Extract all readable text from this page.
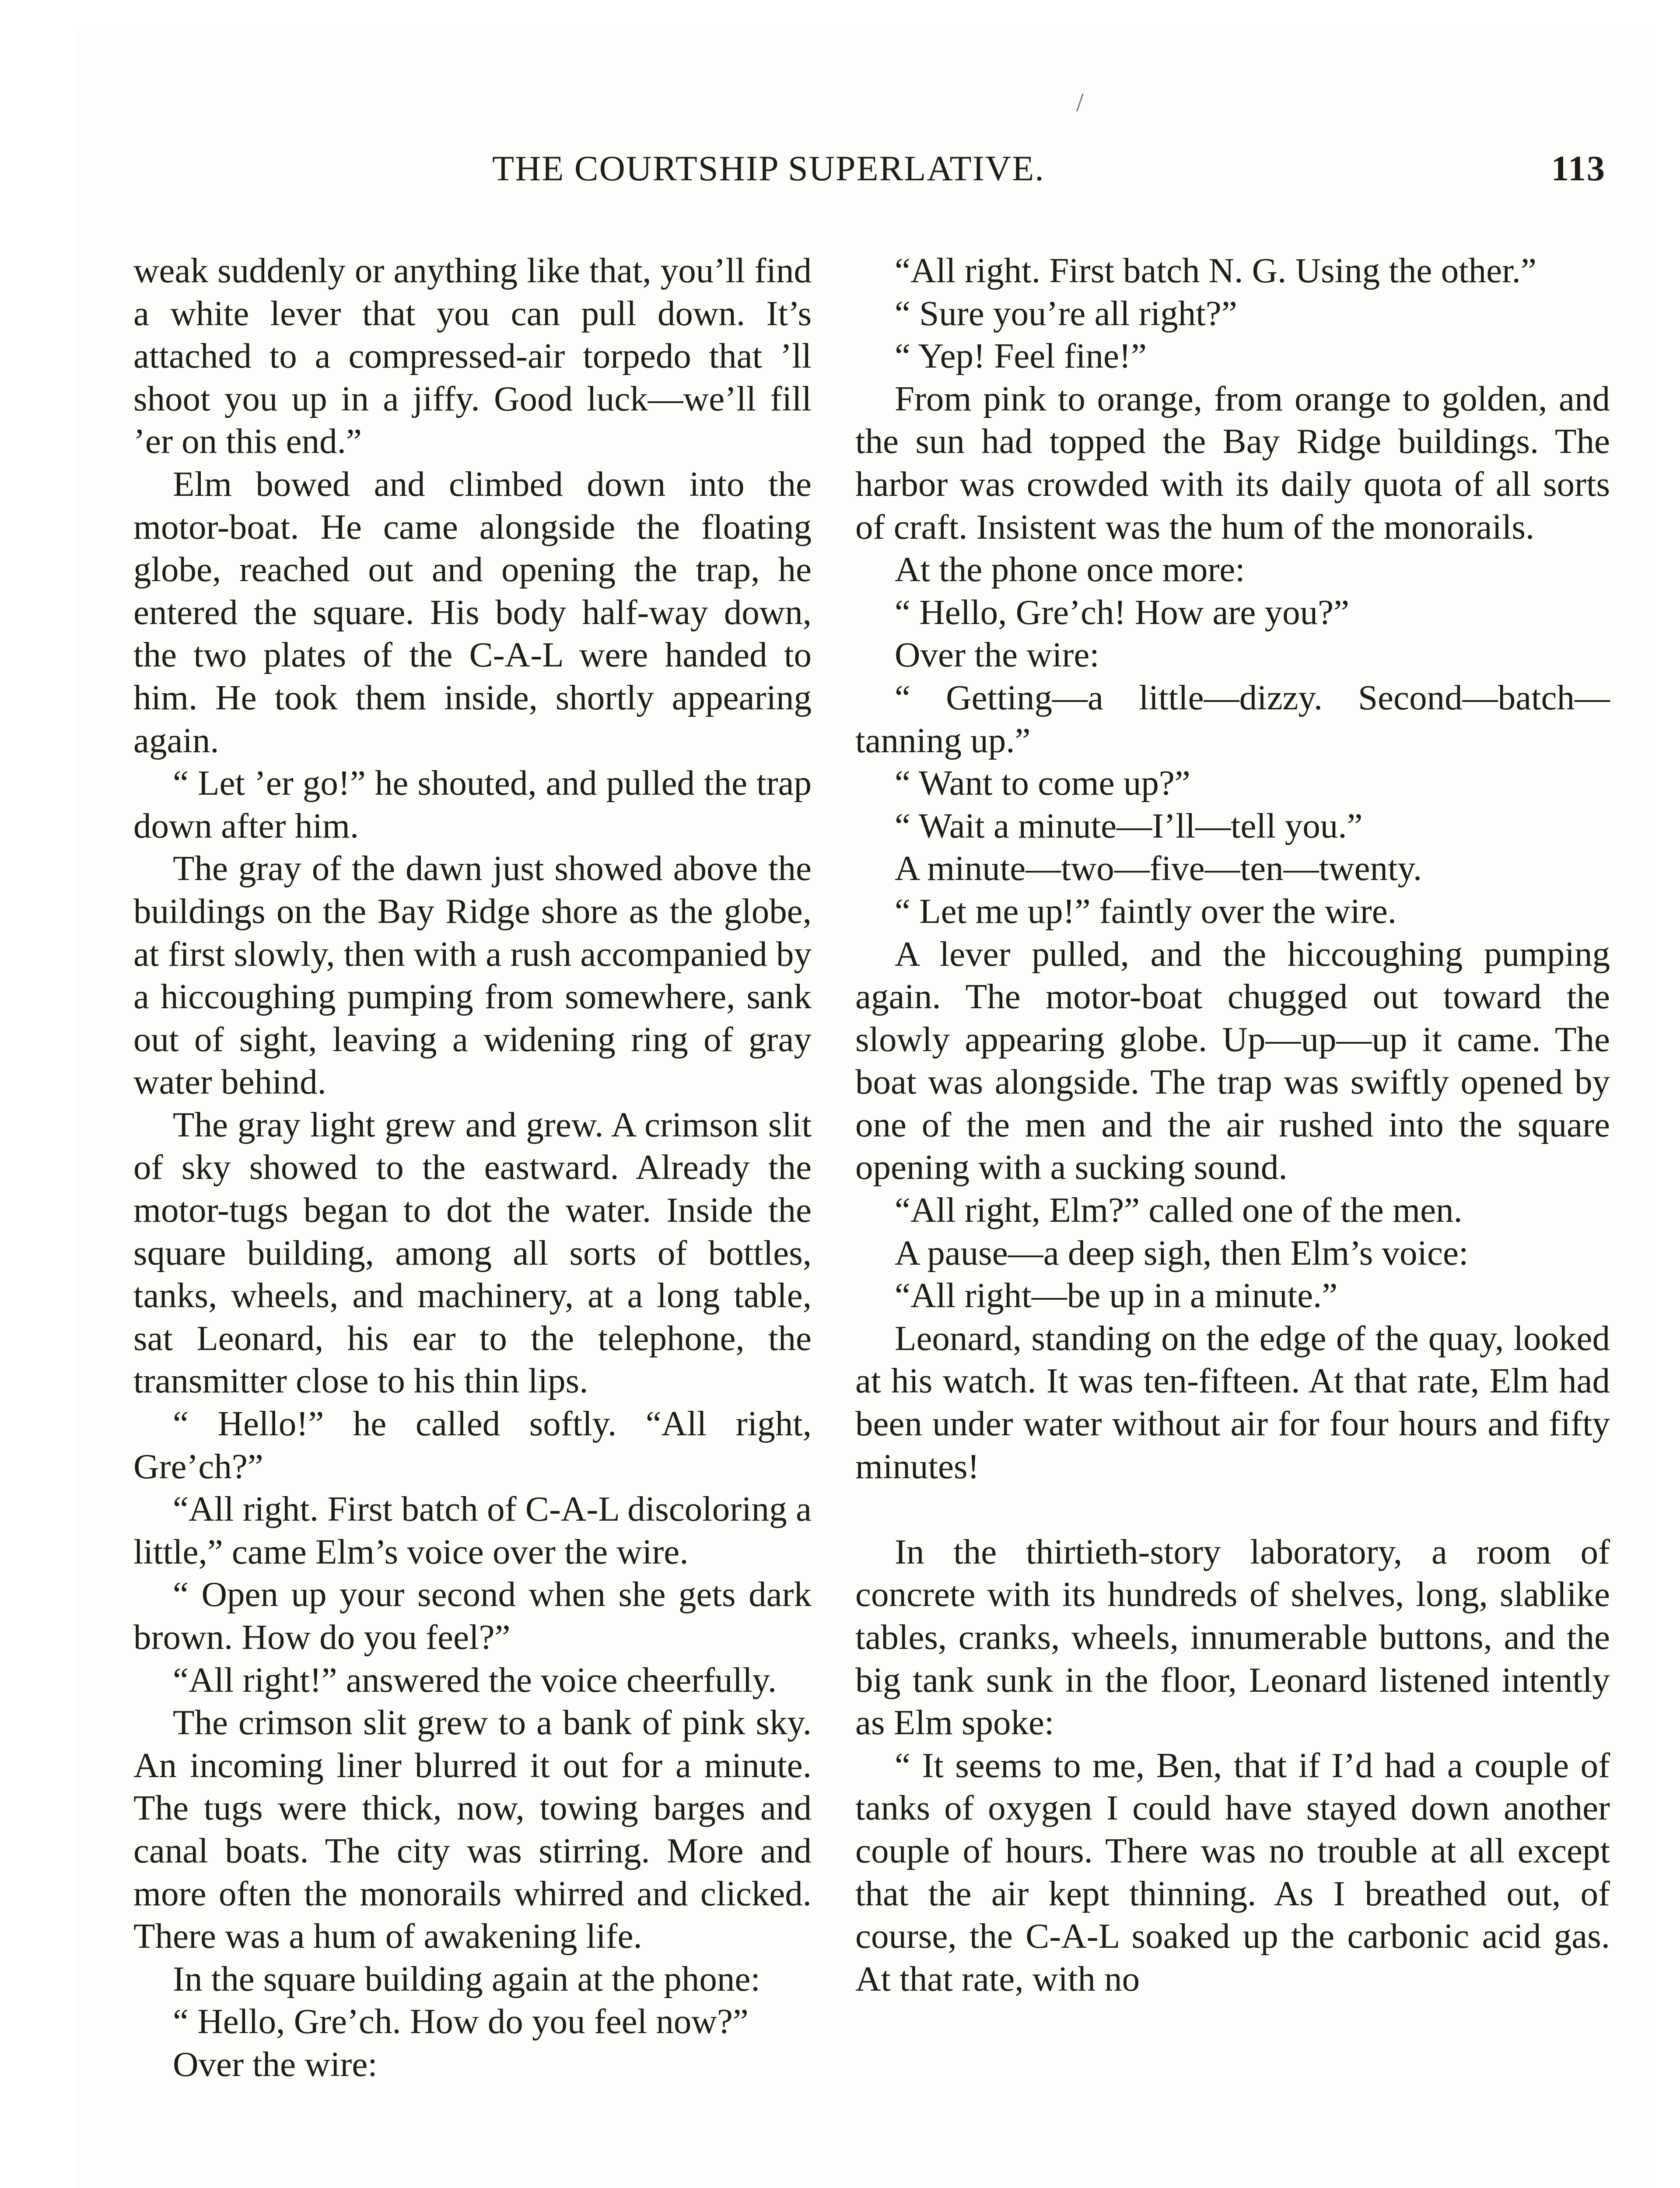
/
THE COURTSHIP SUPERLATIVE.	113

weak suddenly or anything like that, you’ll find a white lever that you can pull down. It’s attached to a compressed-air torpedo that ’ll shoot you up in a jiffy. Good luck—we’ll fill ’er on this end.”

Elm bowed and climbed down into the motor-boat. He came alongside the floating globe, reached out and opening the trap, he entered the square. His body half-way down, the two plates of the C-A-L were handed to him. He took them inside, shortly appearing again.

“ Let ’er go!” he shouted, and pulled the trap down after him.

The gray of the dawn just showed above the buildings on the Bay Ridge shore as the globe, at first slowly, then with a rush accompanied by a hiccoughing pumping from somewhere, sank out of sight, leaving a widening ring of gray water behind.

The gray light grew and grew. A crimson slit of sky showed to the eastward. Already the motor-tugs began to dot the water. Inside the square building, among all sorts of bottles, tanks, wheels, and machinery, at a long table, sat Leonard, his ear to the telephone, the transmitter close to his thin lips.

“ Hello!” he called softly. “All right, Gre’ch?”

“All right. First batch of C-A-L discoloring a little,” came Elm’s voice over the wire.

“ Open up your second when she gets dark brown. How do you feel?”

“All right!” answered the voice cheerfully.

The crimson slit grew to a bank of pink sky. An incoming liner blurred it out for a minute. The tugs were thick, now, towing barges and canal boats. The city was stirring. More and more often the monorails whirred and clicked. There was a hum of awakening life.

In the square building again at the phone:

“ Hello, Gre’ch. How do you feel now?”

Over the wire:

“All right. First batch N. G. Using the other.”

“ Sure you’re all right?”

“ Yep! Feel fine!”

From pink to orange, from orange to golden, and the sun had topped the Bay Ridge buildings. The harbor was crowded with its daily quota of all sorts of craft. Insistent was the hum of the monorails.

At the phone once more:

“ Hello, Gre’ch! How are you?”

Over the wire:

“ Getting—a little—dizzy. Second—batch—tanning up.”

“ Want to come up?”

“ Wait a minute—I’ll—tell you.”

A minute—two—five—ten—twenty.

“ Let me up!” faintly over the wire.

A lever pulled, and the hiccoughing pumping again. The motor-boat chugged out toward the slowly appearing globe. Up—up—up it came. The boat was alongside. The trap was swiftly opened by one of the men and the air rushed into the square opening with a sucking sound.

“All right, Elm?” called one of the men.

A pause—a deep sigh, then Elm’s voice:

“All right—be up in a minute.”

Leonard, standing on the edge of the quay, looked at his watch. It was ten-fifteen. At that rate, Elm had been under water without air for four hours and fifty minutes!

In the thirtieth-story laboratory, a room of concrete with its hundreds of shelves, long, slablike tables, cranks, wheels, innumerable buttons, and the big tank sunk in the floor, Leonard listened intently as Elm spoke:

“ It seems to me, Ben, that if I’d had a couple of tanks of oxygen I could have stayed down another couple of hours. There was no trouble at all except that the air kept thinning. As I breathed out, of course, the C-A-L soaked up the carbonic acid gas. At that rate, with no
